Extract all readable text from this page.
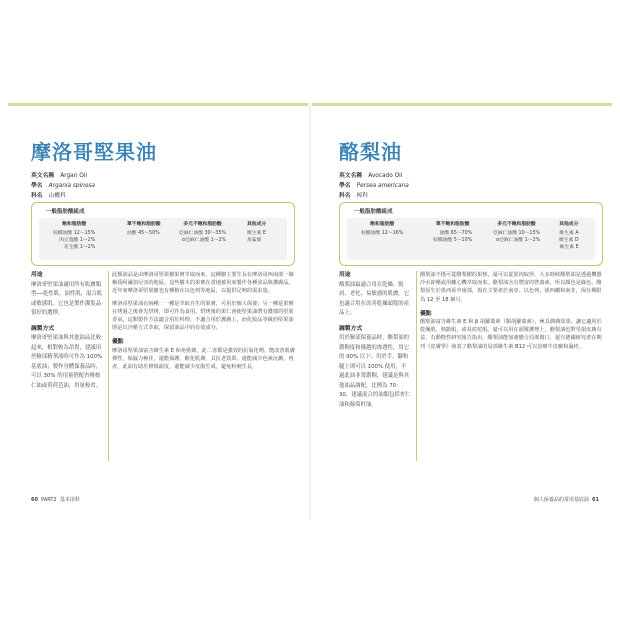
摩洛哥堅果油
英文名稱 Argan Oil
學名 Argania spinosa
科名 山欖科
一般脂肪酸組成
飽和脂肪酸
棕櫚油酸 12～15%
肉豆蔻酸 1～2%
花生酸 1～2%
單不飽和脂肪酸
油酸 45～50%
多元不飽和脂肪酸
亞麻仁油酸 30～35%
α亞麻仁油酸 1～2%
其他成分
維生素 E
角鯊烯
用途
摩洛哥堅果油適用所有肌膚類型──乾性肌、油性肌、混合肌或敏感肌。它也是製作護髮品很好的選擇。
調製方式
摩洛哥堅果油與其他油品比較起來，相對較為昂貴，建議用於臉部精華液時可作為 100% 基底油；製作身體保養品時，可以 30% 的用量搭配杏桃核仁油或荷荷芭油，用量較省。
此類油品是由摩洛哥堅果樹果實萃取而來，這種樹主要生長在摩洛哥西南部一個稱爲阿爾加尼亞的地區。這些樹木的果實在當地被用來製作各種食品與護膚品。近年來摩洛哥堅果樹也有種植在以色列等地區，以提供足夠的需求量。
摩洛哥堅果油有兩種：一種是萃取自生的果實，可用於個人保養；另一種是果實在烤過之後會先烘烤，即可作為食用。烘烤後的果仁會使堅果油帶有濃郁的堅果香氣，這類製作方法適合用於料理，不適合用於護膚上，而化妝品等級的堅果油則是以冷壓方式萃取，保留油品中的有效成分。
優點
摩洛哥堅果油富含維生素 E 和角鯊烯，此二者都是強效的抗氧化劑，能改善肌膚彈性，保濕力極佳，還能保護、軟化肌膚，具抗老效果，還能減少色素沉澱。再者，此油有助於修復頭皮，還能減少皮脂生成，避免粉刺生長。
60 PART2 基本用料
酪梨油
英文名稱 Avocado Oil
學名 Persea americana
科名 樟科
一般脂肪酸組成
飽和脂肪酸
棕櫚油酸 12～16%
單不飽和脂肪酸
油酸 65～70%
棕櫚油酸 5～10%
多元不飽和脂肪酸
亞麻仁油酸 10～15%
α亞麻仁油酸 1～2%
其他成分
維生素 A
維生素 D
維生素 E
用途
酪梨油最適合用在乾燥、脫屑、老化、易敏感的肌膚。它也適合用在改善乾燥頭髮的產品上。
調製方式
用於臉部保養品時，酪梨油的濃稠度和優越的渗透性，用它的 90% 以下；用於手、腳和腿上則可以 100% 使用，不過此油非常濃稠，建議是與其他油品調配，比例為 70：30，建議混合的油類包括杏仁油和葡萄籽油。
酪梨油不僅可從酪梨樹的果核，還可以從果肉取得，大多時候酪梨油是透過機器冷水抑壓或用離心機萃取而來。酪梨油含有豐富的營養素，所以顏色是綠色，酪梨原生於墨西哥中南部，現在主要產於南亞、以色列、紐西蘭和南非，保存期限為 12 至 18 個月。
優點
酪梨油富含維生素 E 和 β 胡蘿蔔素（類胡蘿蔔素），極具潤膚效果，讓它適用於乾燥肌、熟齡肌，或易痘痘肌。還可以用在頭髮護理上，酪梨油也對受損皮膚有益，有動物性研究報告指出，酪梨油能加速癒合局部傷口，還有德國研究者在期刊《皮膚學》發表了酪梨油的局部維生素 B12 可以治療牛皮癬和濕疹。
個人保養品的常用基底油 61
